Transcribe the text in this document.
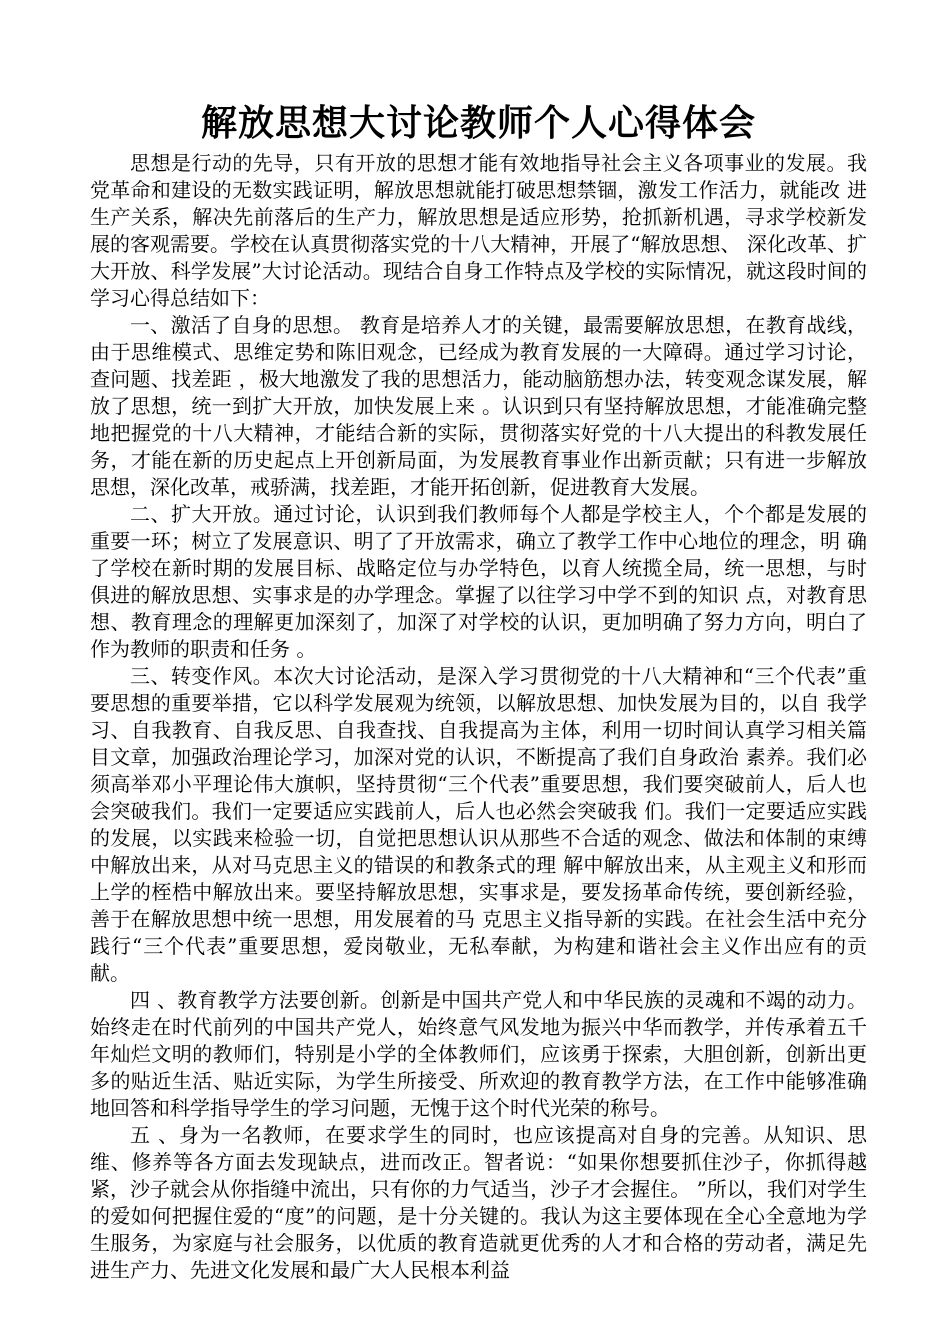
解放思想大讨论教师个人心得体会

思想是行动的先导，只有开放的思想才能有效地指导社会主义各项事业的发展。我党革命和建设的无数实践证明，解放思想就能打破思想禁锢，激发工作活力，就能改 进生产关系，解决先前落后的生产力，解放思想是适应形势，抢抓新机遇，寻求学校新发展的客观需要。学校在认真贯彻落实党的十八大精神，开展了“解放思想、 深化改革、扩大开放、科学发展”大讨论活动。现结合自身工作特点及学校的实际情况，就这段时间的学习心得总结如下：

一、激活了自身的思想。 教育是培养人才的关键，最需要解放思想，在教育战线，由于思维模式、思维定势和陈旧观念，已经成为教育发展的一大障碍。通过学习讨论，查问题、找差距 ，极大地激发了我的思想活力，能动脑筋想办法，转变观念谋发展，解放了思想，统一到扩大开放，加快发展上来 。认识到只有坚持解放思想，才能准确完整地把握党的十八大精神，才能结合新的实际，贯彻落实好党的十八大提出的科教发展任务，才能在新的历史起点上开创新局面，为发展教育事业作出新贡献；只有进一步解放思想，深化改革，戒骄满，找差距，才能开拓创新，促进教育大发展。

二、扩大开放。通过讨论，认识到我们教师每个人都是学校主人，个个都是发展的重要一环；树立了发展意识、明了了开放需求，确立了教学工作中心地位的理念，明 确了学校在新时期的发展目标、战略定位与办学特色，以育人统揽全局，统一思想，与时俱进的解放思想、实事求是的办学理念。掌握了以往学习中学不到的知识 点，对教育思想、教育理念的理解更加深刻了，加深了对学校的认识，更加明确了努力方向，明白了作为教师的职责和任务 。

三、转变作风。本次大讨论活动，是深入学习贯彻党的十八大精神和“三个代表”重要思想的重要举措，它以科学发展观为统领，以解放思想、加快发展为目的，以自 我学习、自我教育、自我反思、自我查找、自我提高为主体，利用一切时间认真学习相关篇目文章，加强政治理论学习，加深对党的认识，不断提高了我们自身政治 素养。我们必须高举邓小平理论伟大旗帜，坚持贯彻“三个代表”重要思想，我们要突破前人，后人也会突破我们。我们一定要适应实践前人，后人也必然会突破我 们。我们一定要适应实践的发展，以实践来检验一切，自觉把思想认识从那些不合适的观念、做法和体制的束缚中解放出来，从对马克思主义的错误的和教条式的理 解中解放出来，从主观主义和形而上学的桎梏中解放出来。要坚持解放思想，实事求是，要发扬革命传统，要创新经验，善于在解放思想中统一思想，用发展着的马 克思主义指导新的实践。在社会生活中充分践行“三个代表”重要思想，爱岗敬业，无私奉献，为构建和谐社会主义作出应有的贡献。

四 、教育教学方法要创新。创新是中国共产党人和中华民族的灵魂和不竭的动力。始终走在时代前列的中国共产党人，始终意气风发地为振兴中华而教学，并传承着五千年灿烂文明的教师们，特别是小学的全体教师们，应该勇于探索，大胆创新，创新出更多的贴近生活、贴近实际，为学生所接受、所欢迎的教育教学方法，在工作中能够准确地回答和科学指导学生的学习问题，无愧于这个时代光荣的称号。

五 、身为一名教师，在要求学生的同时，也应该提高对自身的完善。从知识、思维、修养等各方面去发现缺点，进而改正。智者说：“如果你想要抓住沙子，你抓得越紧，沙子就会从你指缝中流出，只有你的力气适当，沙子才会握住。 ”所以，我们对学生的爱如何把握住爱的“度”的问题，是十分关键的。我认为这主要体现在全心全意地为学生服务，为家庭与社会服务，以优质的教育造就更优秀的人才和合格的劳动者，满足先进生产力、先进文化发展和最广大人民根本利益
